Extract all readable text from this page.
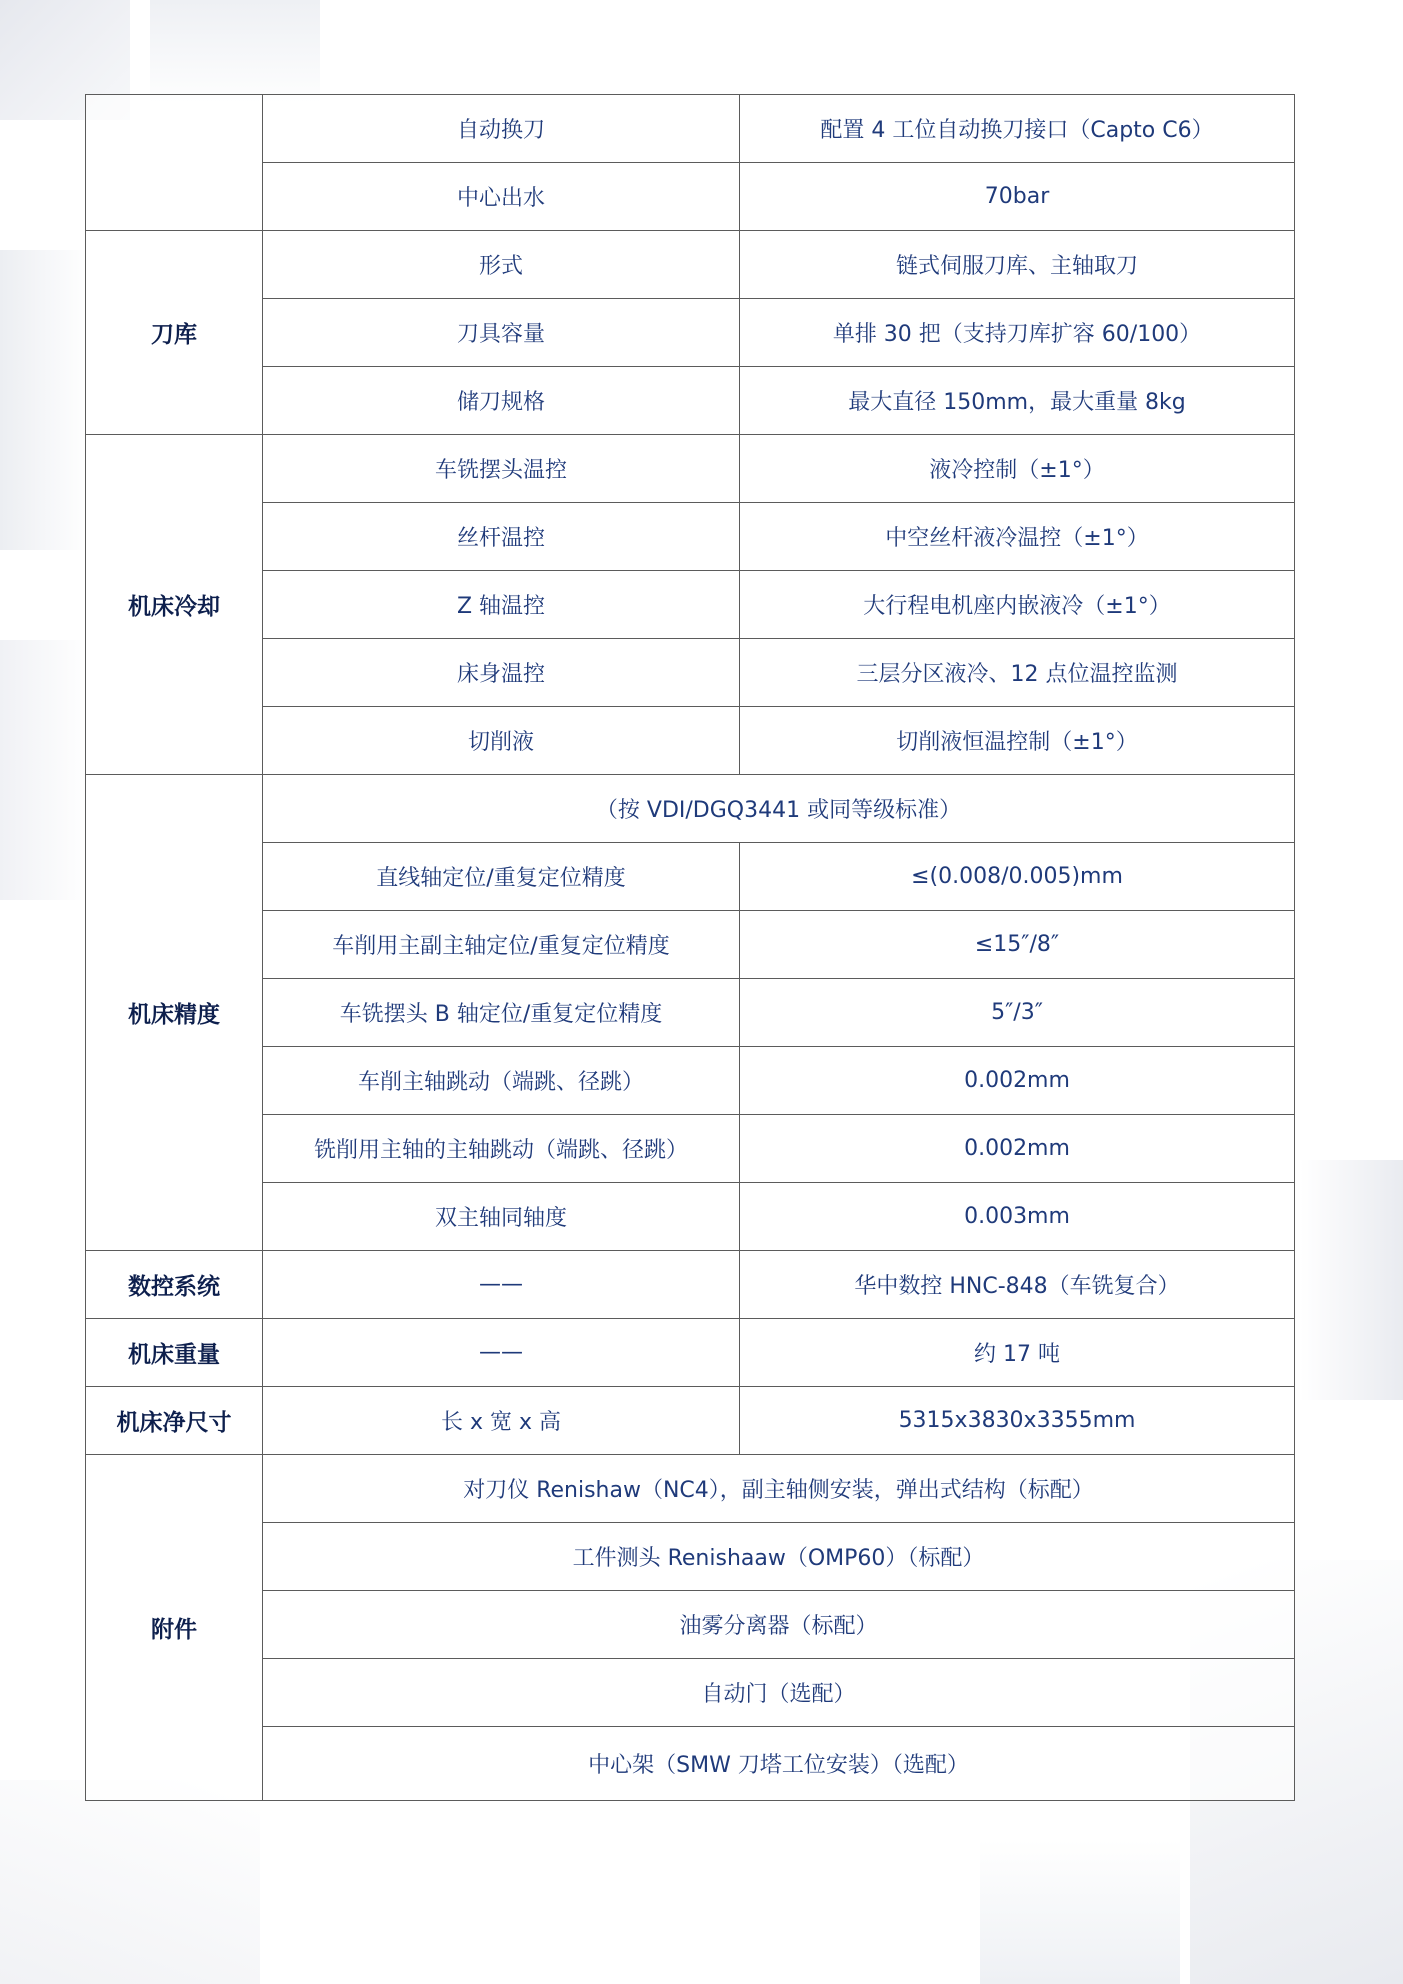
	自动换刀	配置 4 工位自动换刀接口（Capto C6）
	中心出水	70bar
刀库	形式	链式伺服刀库、主轴取刀
	刀具容量	单排 30 把（支持刀库扩容 60/100）
	储刀规格	最大直径 150mm，最大重量 8kg
机床冷却	车铣摆头温控	液冷控制（±1°）
	丝杆温控	中空丝杆液冷温控（±1°）
	Z 轴温控	大行程电机座内嵌液冷（±1°）
	床身温控	三层分区液冷、12 点位温控监测
	切削液	切削液恒温控制（±1°）
机床精度	（按 VDI/DGQ3441 或同等级标准）	
	直线轴定位/重复定位精度	≤(0.008/0.005)mm
	车削用主副主轴定位/重复定位精度	≤15″/8″
	车铣摆头 B 轴定位/重复定位精度	5″/3″
	车削主轴跳动（端跳、径跳）	0.002mm
	铣削用主轴的主轴跳动（端跳、径跳）	0.002mm
	双主轴同轴度	0.003mm
数控系统	——	华中数控 HNC-848（车铣复合）
机床重量	——	约 17 吨
机床净尺寸	长 x 宽 x 高	5315x3830x3355mm
附件	对刀仪 Renishaw（NC4），副主轴侧安装，弹出式结构（标配）	
	工件测头 Renishaaw（OMP60）（标配）	
	油雾分离器（标配）	
	自动门（选配）	
	中心架（SMW 刀塔工位安装）（选配）	
